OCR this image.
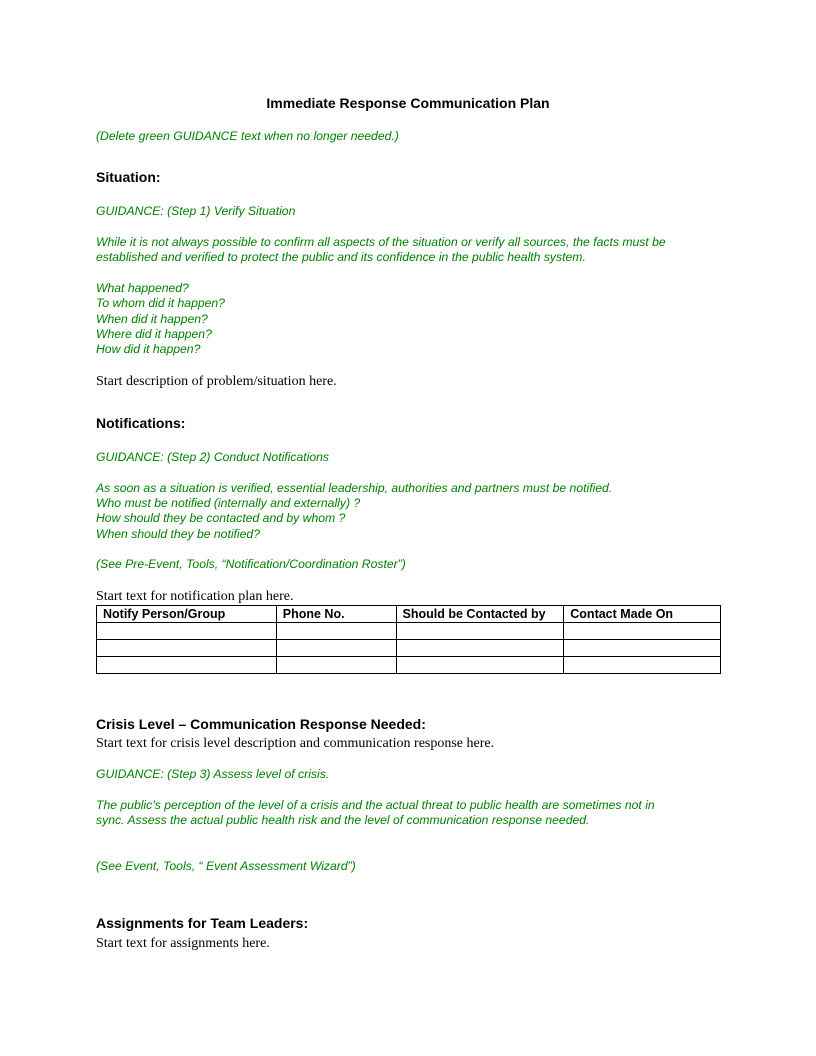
Immediate Response Communication Plan
(Delete green GUIDANCE text when no longer needed.)
Situation:
GUIDANCE: (Step 1) Verify Situation
While it is not always possible to confirm all aspects of the situation or verify all sources, the facts must be
established and verified to protect the public and its confidence in the public health system.
What happened?
To whom did it happen?
When did it happen?
Where did it happen?
How did it happen?
Start description of problem/situation here.
Notifications:
GUIDANCE: (Step 2) Conduct Notifications
As soon as a situation is verified, essential leadership, authorities and partners must be notified.
Who must be notified (internally and externally) ?
How should they be contacted and by whom ?
When should they be notified?
(See Pre-Event, Tools, “Notification/Coordination Roster”)
Start text for notification plan here.
Notify Person/Group	Phone No.	Should be Contacted by	Contact Made On

Crisis Level – Communication Response Needed:
Start text for crisis level description and communication response here.
GUIDANCE: (Step 3) Assess level of crisis.
The public’s perception of the level of a crisis and the actual threat to public health are sometimes not in
sync. Assess the actual public health risk and the level of communication response needed.
(See Event, Tools, “ Event Assessment Wizard”)
Assignments for Team Leaders:
Start text for assignments here.
